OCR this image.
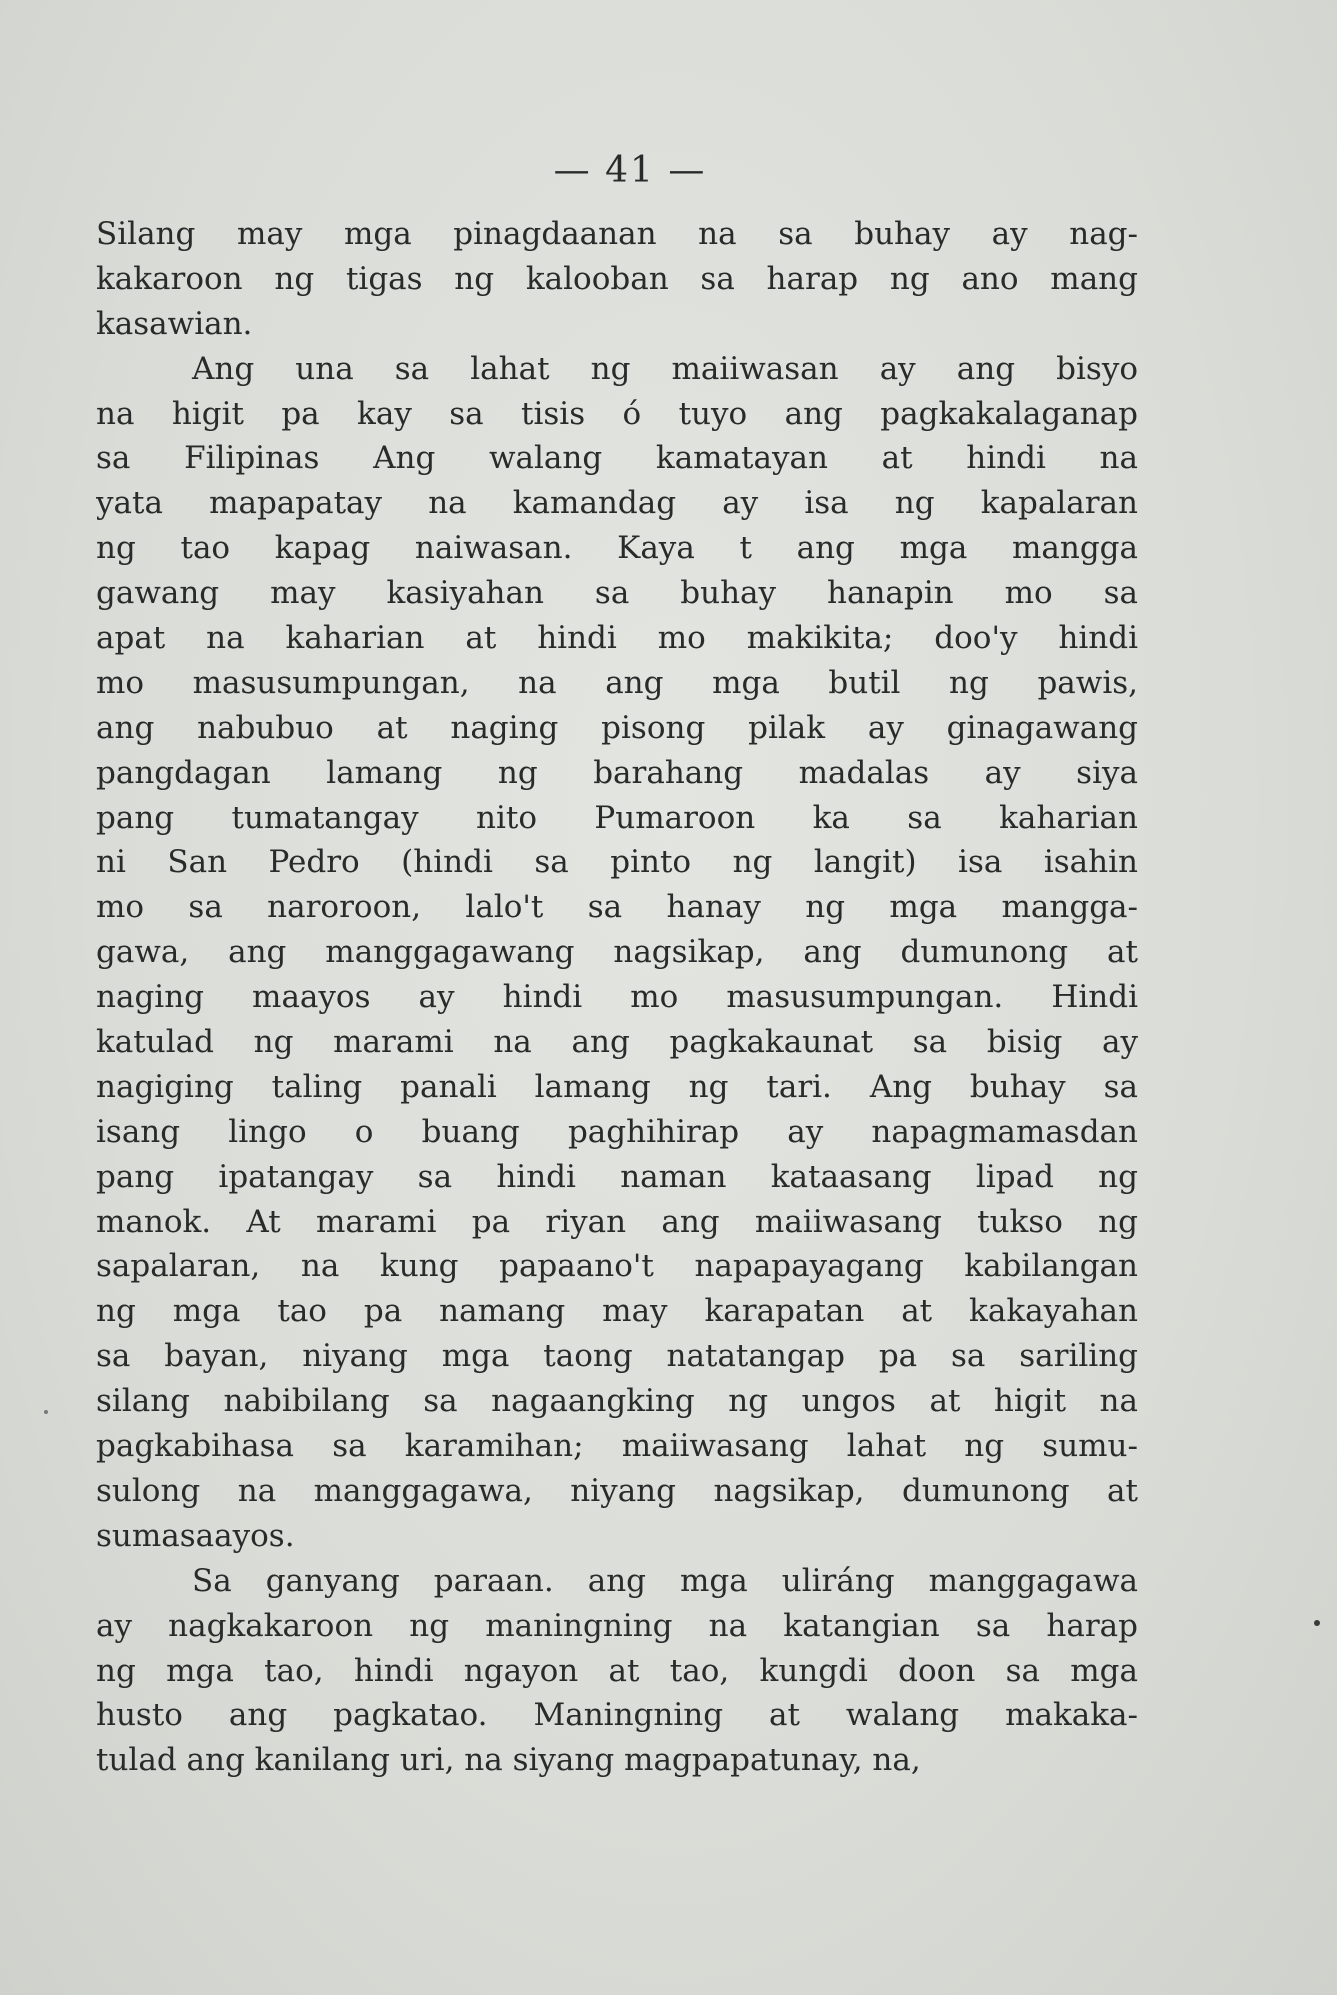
— 41 —
Silang may mga pinagdaanan na sa buhay ay nag-
kakaroon ng tigas ng kalooban sa harap ng ano mang
kasawian.
Ang una sa lahat ng maiiwasan ay ang bisyo
na higit pa kay sa tisis ó tuyo ang pagkakalaganap
sa Filipinas Ang walang kamatayan at hindi na
yata mapapatay na kamandag ay isa ng kapalaran
ng tao kapag naiwasan. Kaya t ang mga mangga
gawang may kasiyahan sa buhay hanapin mo sa
apat na kaharian at hindi mo makikita; doo'y hindi
mo masusumpungan, na ang mga butil ng pawis,
ang nabubuo at naging pisong pilak ay ginagawang
pangdagan lamang ng barahang madalas ay siya
pang tumatangay nito Pumaroon ka sa kaharian
ni San Pedro (hindi sa pinto ng langit) isa isahin
mo sa naroroon, lalo't sa hanay ng mga mangga-
gawa, ang manggagawang nagsikap, ang dumunong at
naging maayos ay hindi mo masusumpungan. Hindi
katulad ng marami na ang pagkakaunat sa bisig ay
nagiging taling panali lamang ng tari. Ang buhay sa
isang lingo o buang paghihirap ay napagmamasdan
pang ipatangay sa hindi naman kataasang lipad ng
manok. At marami pa riyan ang maiiwasang tukso ng
sapalaran, na kung papaano't napapayagang kabilangan
ng mga tao pa namang may karapatan at kakayahan
sa bayan, niyang mga taong natatangap pa sa sariling
silang nabibilang sa nagaangking ng ungos at higit na
pagkabihasa sa karamihan; maiiwasang lahat ng sumu-
sulong na manggagawa, niyang nagsikap, dumunong at
sumasaayos.
Sa ganyang paraan. ang mga uliráng manggagawa
ay nagkakaroon ng maningning na katangian sa harap
ng mga tao, hindi ngayon at tao, kungdi doon sa mga
husto ang pagkatao. Maningning at walang makaka-
tulad ang kanilang uri, na siyang magpapatunay, na,
